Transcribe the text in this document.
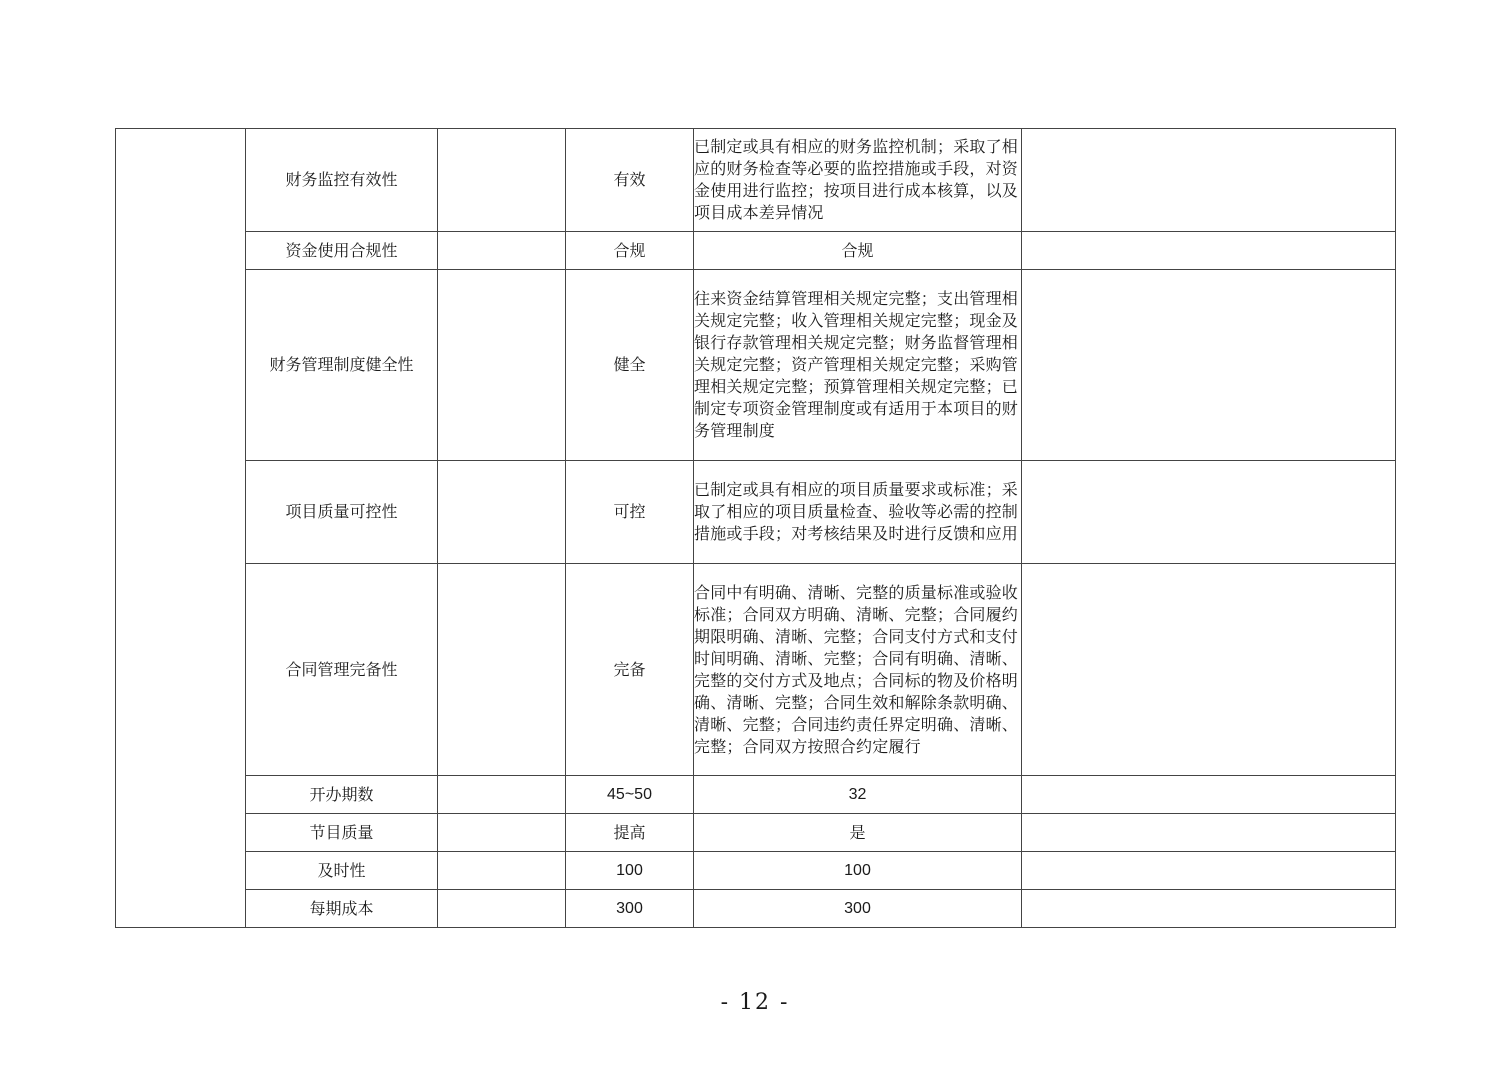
	财务监控有效性		有效	已制定或具有相应的财务监控机制；采取了相应的财务检查等必要的监控措施或手段，对资金使用进行监控；按项目进行成本核算，以及项目成本差异情况	
	资金使用合规性		合规	合规	
	财务管理制度健全性		健全	往来资金结算管理相关规定完整；支出管理相关规定完整；收入管理相关规定完整；现金及银行存款管理相关规定完整；财务监督管理相关规定完整；资产管理相关规定完整；采购管理相关规定完整；预算管理相关规定完整；已制定专项资金管理制度或有适用于本项目的财务管理制度	
	项目质量可控性		可控	已制定或具有相应的项目质量要求或标准；采取了相应的项目质量检查、验收等必需的控制措施或手段；对考核结果及时进行反馈和应用	
	合同管理完备性		完备	合同中有明确、清晰、完整的质量标准或验收标准；合同双方明确、清晰、完整；合同履约期限明确、清晰、完整；合同支付方式和支付时间明确、清晰、完整；合同有明确、清晰、完整的交付方式及地点；合同标的物及价格明确、清晰、完整；合同生效和解除条款明确、清晰、完整；合同违约责任界定明确、清晰、完整；合同双方按照合约定履行	
	开办期数		45~50	32	
	节目质量		提高	是	
	及时性		100	100	
	每期成本		300	300	
- 12 -
